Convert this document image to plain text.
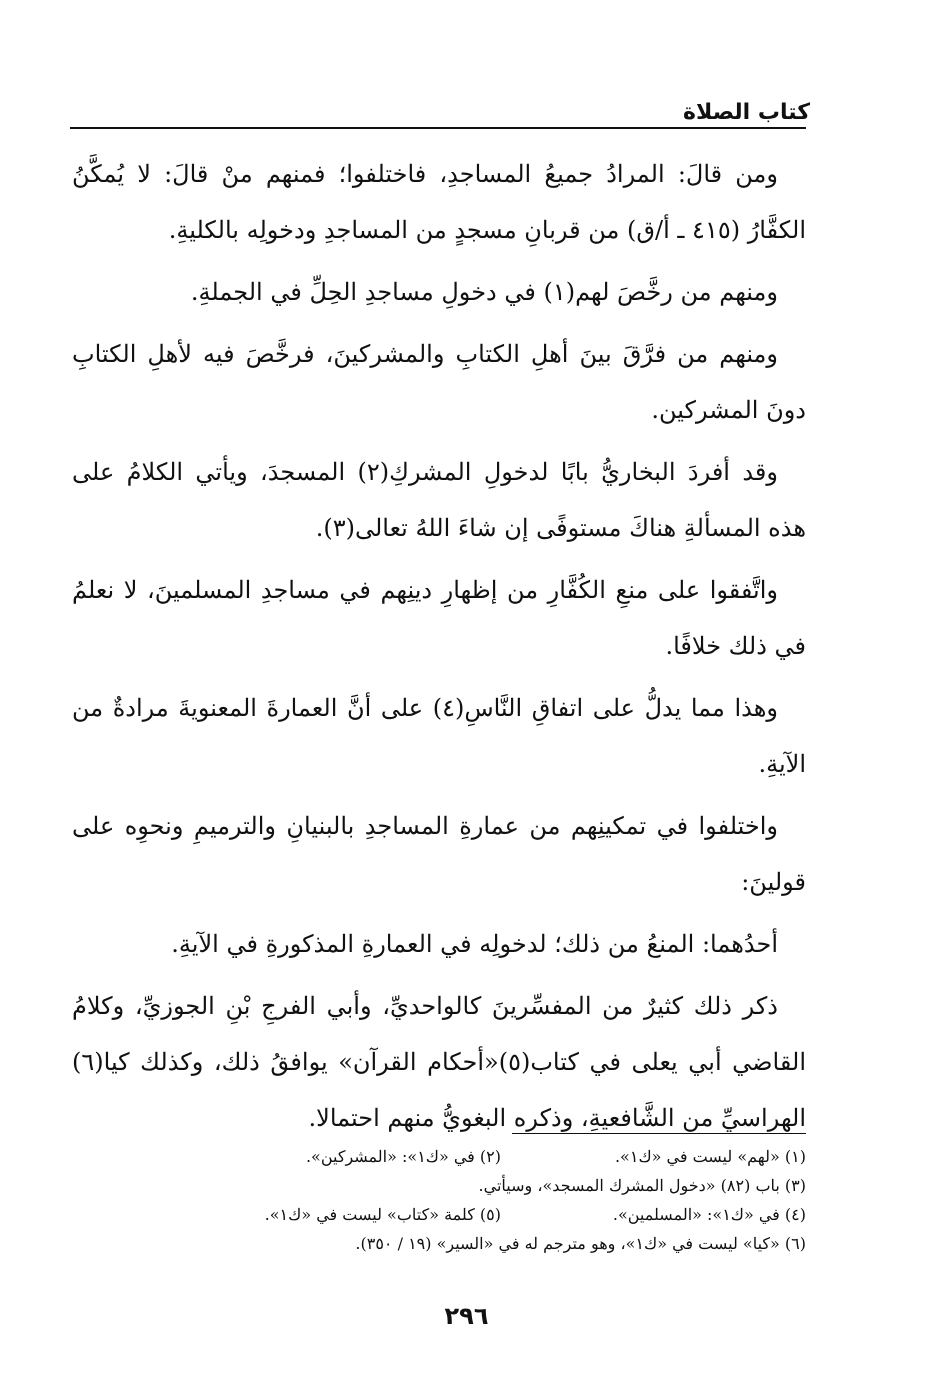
كتاب الصلاة

ومن قالَ: المرادُ جميعُ المساجدِ، فاختلفوا؛ فمنهم منْ قالَ: لا يُمكَّنُ الكفَّارُ (٤١٥ ـ أ/ق) من قربانِ مسجدٍ من المساجدِ ودخولِه بالكليةِ.

ومنهم من رخَّصَ لهم(١) في دخولِ مساجدِ الحِلِّ في الجملةِ.

ومنهم من فرَّقَ بينَ أهلِ الكتابِ والمشركينَ، فرخَّصَ فيه لأهلِ الكتابِ دونَ المشركين.

وقد أفردَ البخاريُّ بابًا لدخولِ المشركِ(٢) المسجدَ، ويأتي الكلامُ على هذه المسألةِ هناكَ مستوفًى إن شاءَ اللهُ تعالى(٣).

واتَّفقوا على منعِ الكُفَّارِ من إظهارِ دينِهم في مساجدِ المسلمينَ، لا نعلمُ في ذلك خلافًا.

وهذا مما يدلُّ على اتفاقِ النَّاسِ(٤) على أنَّ العمارةَ المعنويةَ مرادةٌ من الآيةِ.

واختلفوا في تمكينِهم من عمارةِ المساجدِ بالبنيانِ والترميمِ ونحوِه على قولينَ:

أحدُهما: المنعُ من ذلك؛ لدخولِه في العمارةِ المذكورةِ في الآيةِ.

ذكر ذلك كثيرٌ من المفسِّرينَ كالواحديِّ، وأبي الفرجِ بْنِ الجوزيِّ، وكلامُ القاضي أبي يعلى في كتاب(٥)«أحكام القرآن» يوافقُ ذلك، وكذلك كيا(٦) الهراسيِّ من الشَّافعيةِ، وذكره البغويُّ منهم احتمالا.

(١) «لهم» ليست في «ك١».
(٢) في «ك١»: «المشركين».
(٣) باب (٨٢) «دخول المشرك المسجد»، وسيأتي.
(٤) في «ك١»: «المسلمين».
(٥) كلمة «كتاب» ليست في «ك١».
(٦) «كيا» ليست في «ك١»، وهو مترجم له في «السير» (١٩ / ٣٥٠).
٢٩٦
